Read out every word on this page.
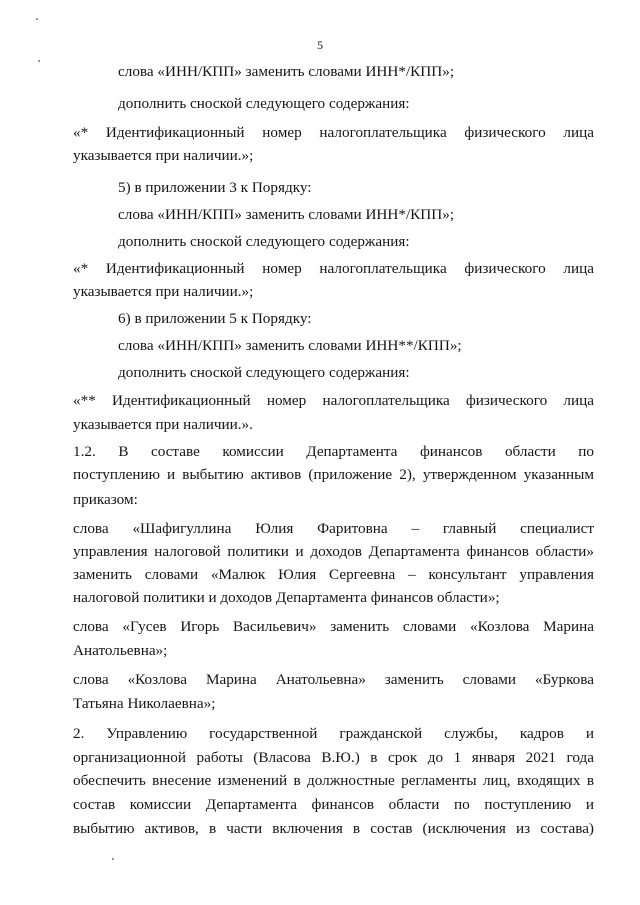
5
слова «ИНН/КПП» заменить словами ИНН*/КПП»;
дополнить сноской следующего содержания:
«* Идентификационный номер налогоплательщика физического лица
указывается при наличии.»;
5) в приложении 3 к Порядку:
слова «ИНН/КПП» заменить словами ИНН*/КПП»;
дополнить сноской следующего содержания:
«* Идентификационный номер налогоплательщика физического лица
указывается при наличии.»;
6) в приложении 5 к Порядку:
слова «ИНН/КПП» заменить словами ИНН**/КПП»;
дополнить сноской следующего содержания:
«** Идентификационный номер налогоплательщика физического лица
указывается при наличии.».
1.2. В составе комиссии Департамента финансов области по
поступлению и выбытию активов (приложение 2), утвержденном указанным
приказом:
слова «Шафигуллина Юлия Фаритовна – главный специалист
управления налоговой политики и доходов Департамента финансов области»
заменить словами «Малюк Юлия Сергеевна – консультант управления
налоговой политики и доходов Департамента финансов области»;
слова «Гусев Игорь Васильевич» заменить словами «Козлова Марина
Анатольевна»;
слова «Козлова Марина Анатольевна» заменить словами «Буркова
Татьяна Николаевна»;
2. Управлению государственной гражданской службы, кадров и
организационной работы (Власова В.Ю.) в срок до 1 января 2021 года
обеспечить внесение изменений в должностные регламенты лиц, входящих в
состав комиссии Департамента финансов области по поступлению и
выбытию активов, в части включения в состав (исключения из состава)
